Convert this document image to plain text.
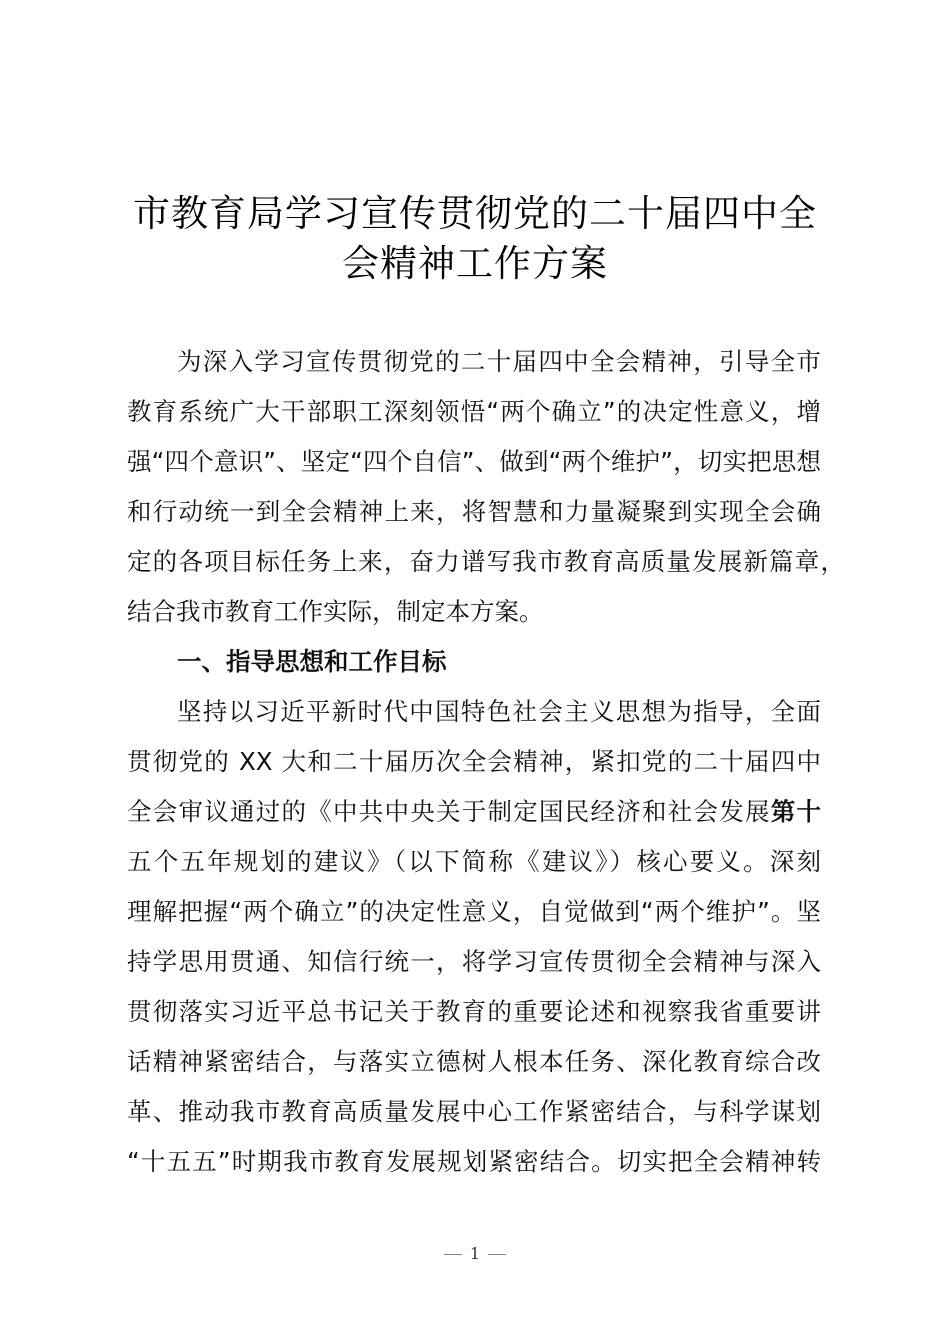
市教育局学习宣传贯彻党的二十届四中全
会精神工作方案
为深入学习宣传贯彻党的二十届四中全会精神，引导全市
教育系统广大干部职工深刻领悟“两个确立”的决定性意义，增
强“四个意识”、坚定“四个自信”、做到“两个维护”，切实把思想
和行动统一到全会精神上来，将智慧和力量凝聚到实现全会确
定的各项目标任务上来，奋力谱写我市教育高质量发展新篇章，
结合我市教育工作实际，制定本方案。
一、指导思想和工作目标
坚持以习近平新时代中国特色社会主义思想为指导，全面
贯彻党的 XX 大和二十届历次全会精神，紧扣党的二十届四中
全会审议通过的《中共中央关于制定国民经济和社会发展第十
五个五年规划的建议》（以下简称《建议》）核心要义。深刻
理解把握“两个确立”的决定性意义，自觉做到“两个维护”。坚
持学思用贯通、知信行统一，将学习宣传贯彻全会精神与深入
贯彻落实习近平总书记关于教育的重要论述和视察我省重要讲
话精神紧密结合，与落实立德树人根本任务、深化教育综合改
革、推动我市教育高质量发展中心工作紧密结合，与科学谋划
“十五五”时期我市教育发展规划紧密结合。切实把全会精神转
1
